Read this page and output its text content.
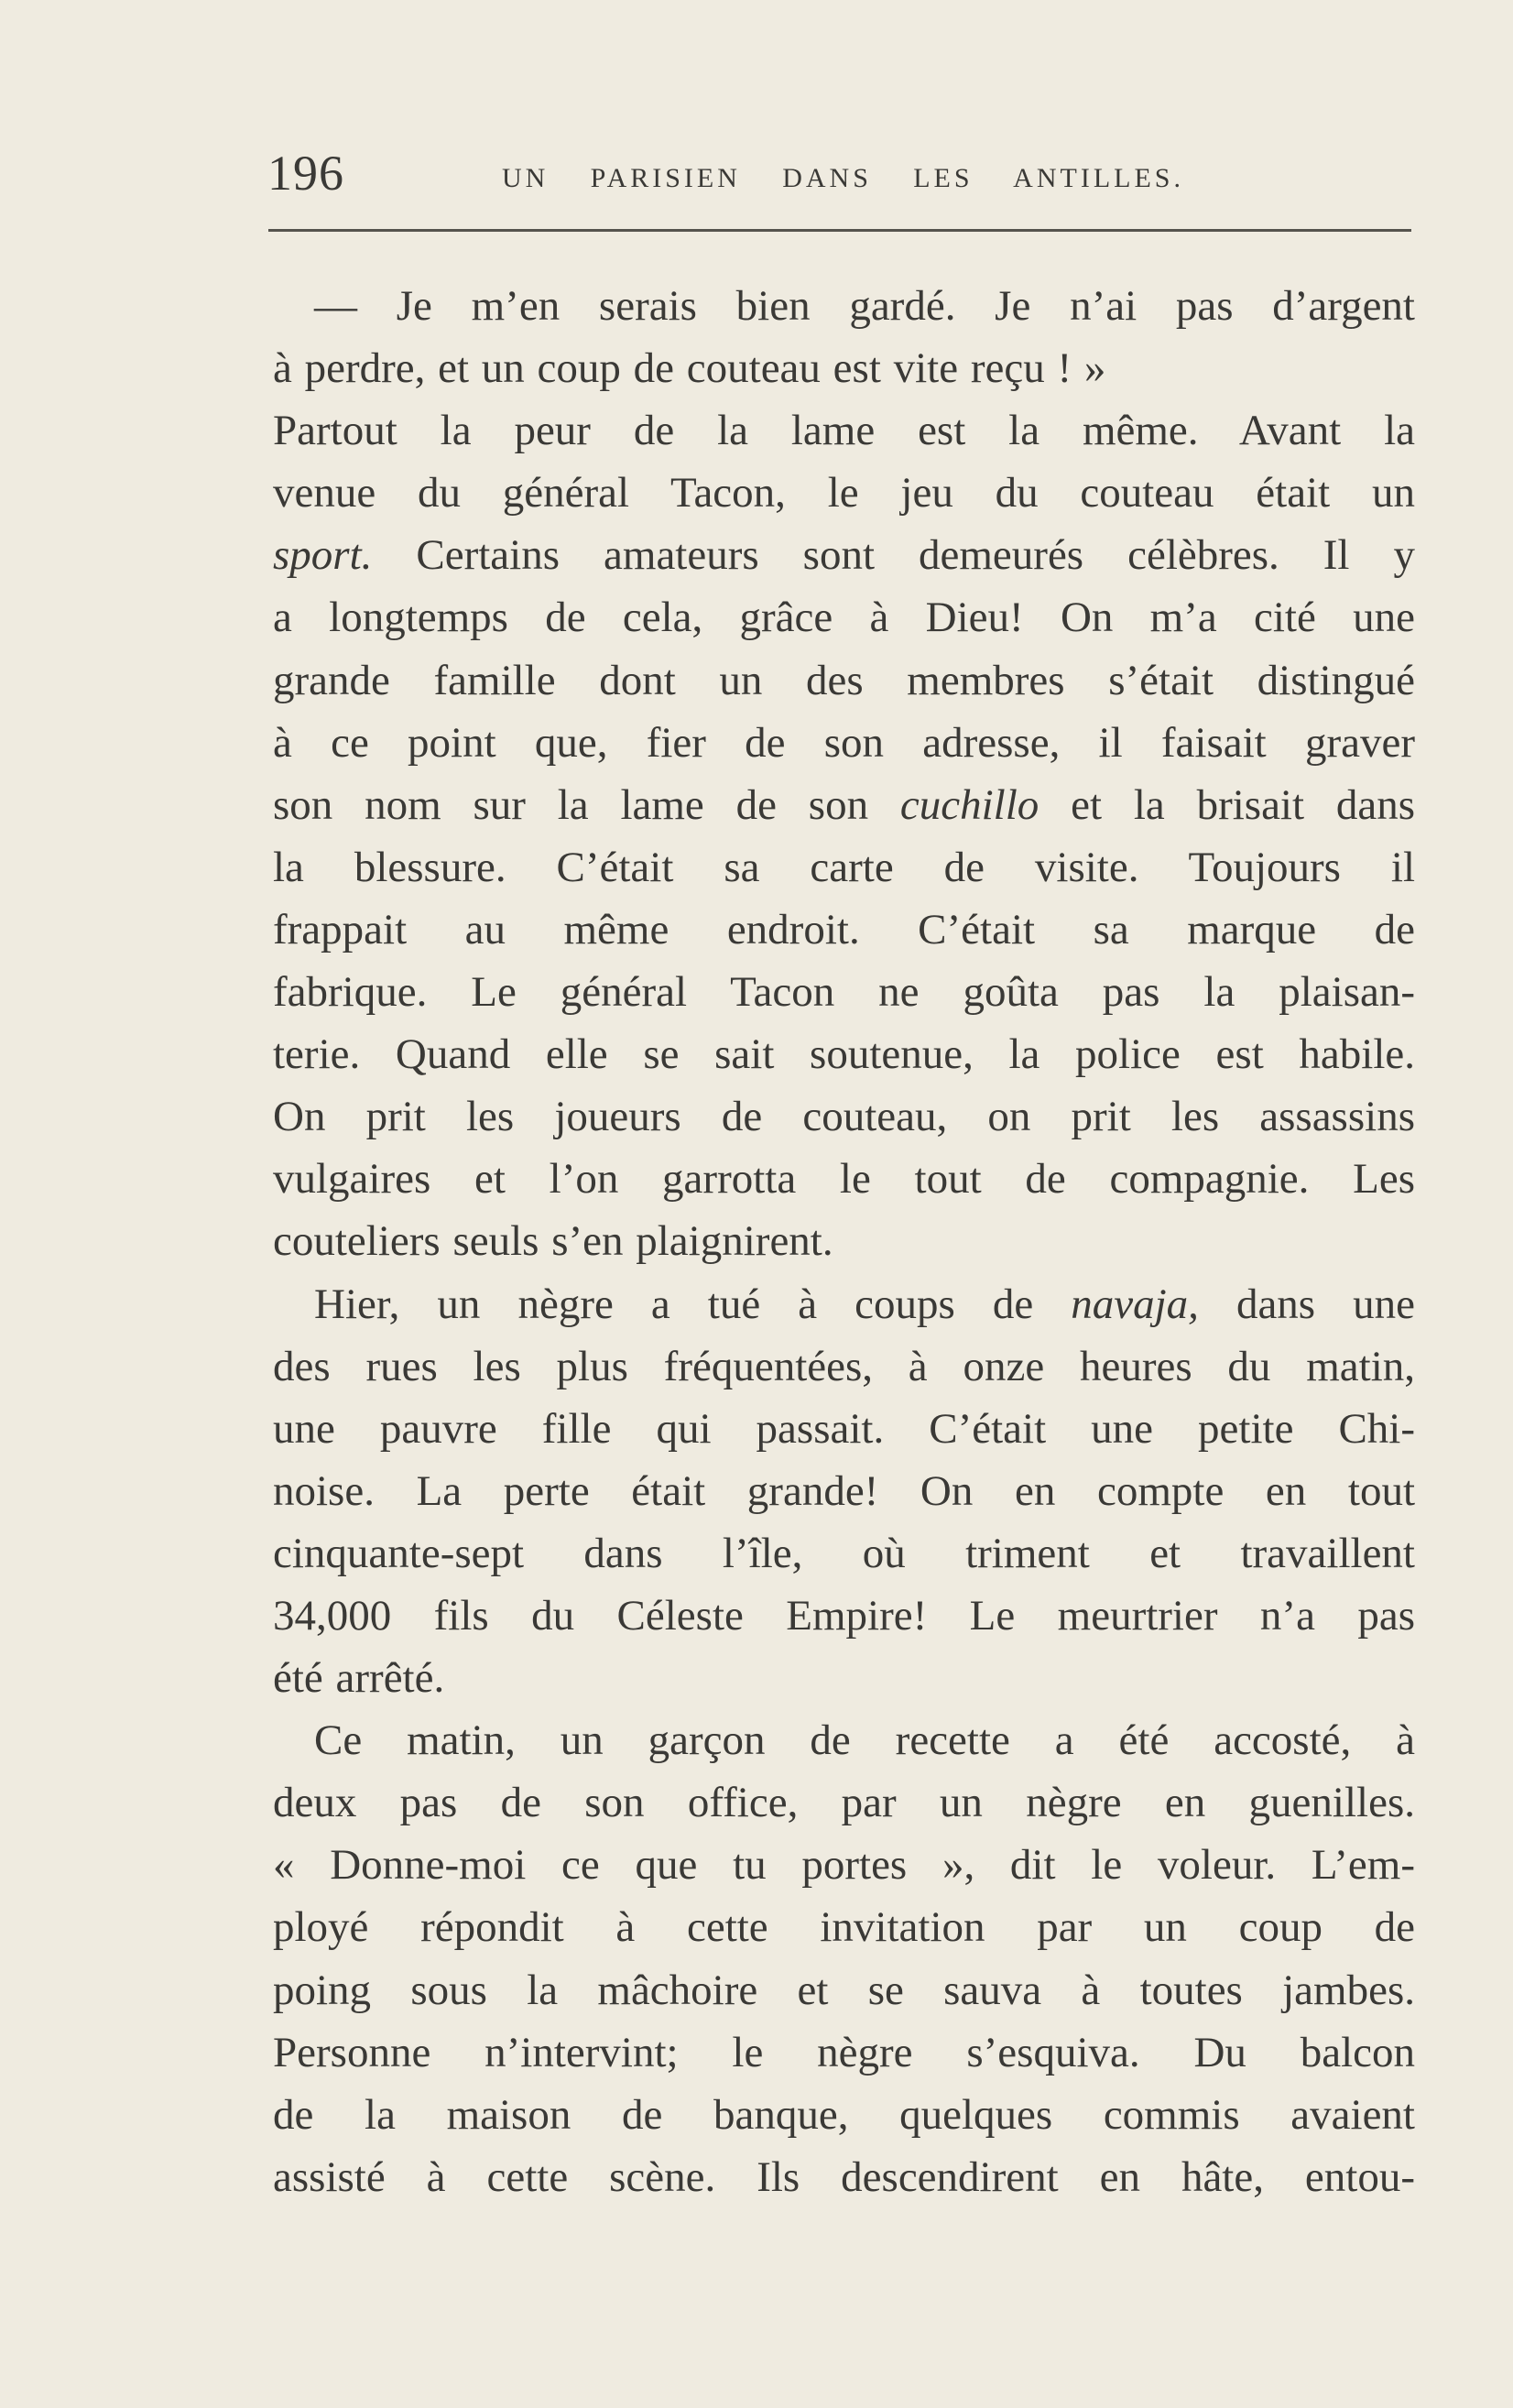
196	UN PARISIEN DANS LES ANTILLES.
— Je m’en serais bien gardé. Je n’ai pas d’argent
à perdre, et un coup de couteau est vite reçu ! »
Partout la peur de la lame est la même. Avant la
venue du général Tacon, le jeu du couteau était un
sport. Certains amateurs sont demeurés célèbres. Il y
a longtemps de cela, grâce à Dieu! On m’a cité une
grande famille dont un des membres s’était distingué
à ce point que, fier de son adresse, il faisait graver
son nom sur la lame de son cuchillo et la brisait dans
la blessure. C’était sa carte de visite. Toujours il
frappait au même endroit. C’était sa marque de
fabrique. Le général Tacon ne goûta pas la plaisan-
terie. Quand elle se sait soutenue, la police est habile.
On prit les joueurs de couteau, on prit les assassins
vulgaires et l’on garrotta le tout de compagnie. Les
couteliers seuls s’en plaignirent.
Hier, un nègre a tué à coups de navaja, dans une
des rues les plus fréquentées, à onze heures du matin,
une pauvre fille qui passait. C’était une petite Chi-
noise. La perte était grande! On en compte en tout
cinquante-sept dans l’île, où triment et travaillent
34,000 fils du Céleste Empire! Le meurtrier n’a pas
été arrêté.
Ce matin, un garçon de recette a été accosté, à
deux pas de son office, par un nègre en guenilles.
« Donne-moi ce que tu portes », dit le voleur. L’em-
ployé répondit à cette invitation par un coup de
poing sous la mâchoire et se sauva à toutes jambes.
Personne n’intervint; le nègre s’esquiva. Du balcon
de la maison de banque, quelques commis avaient
assisté à cette scène. Ils descendirent en hâte, entou-
